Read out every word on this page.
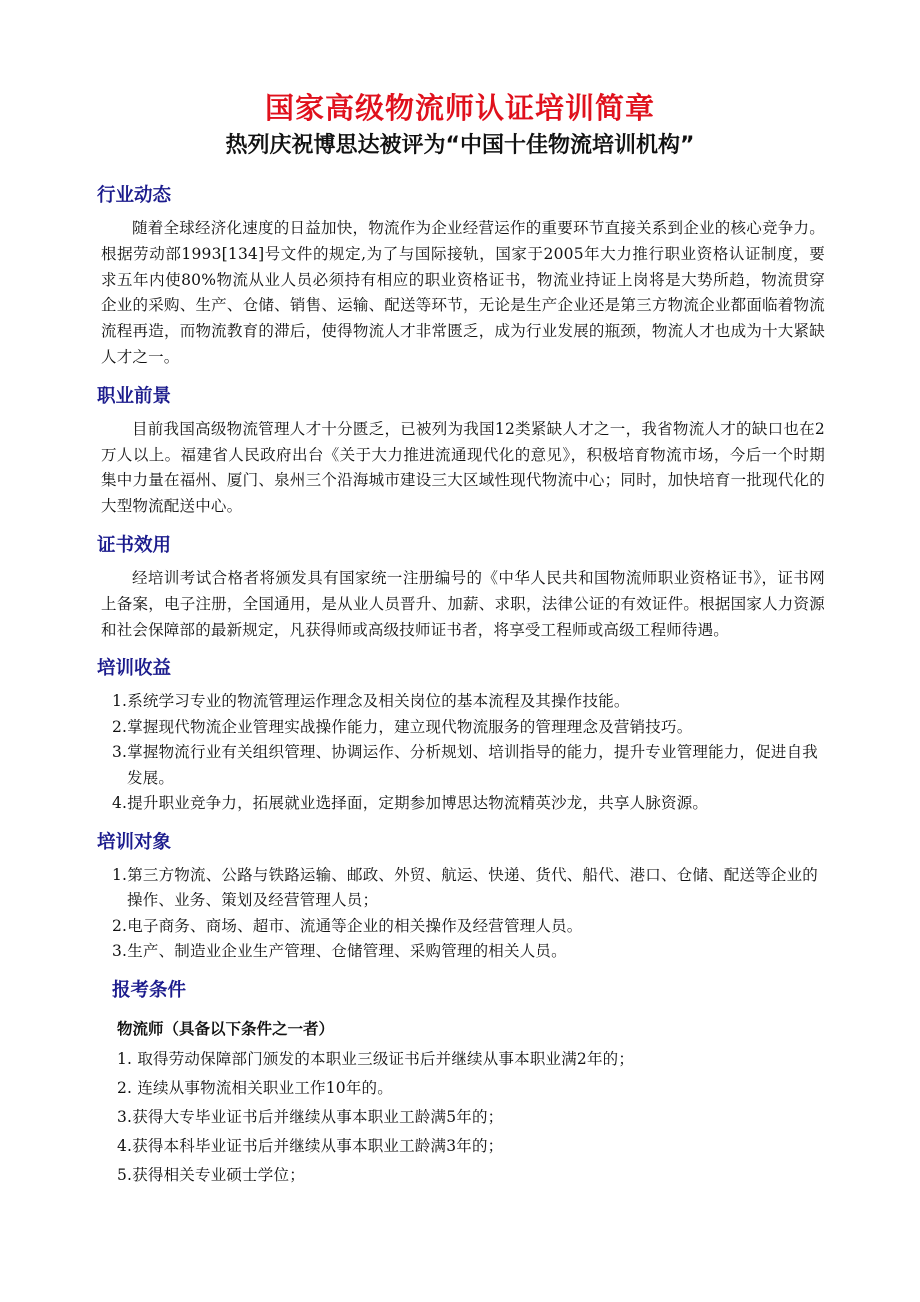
国家高级物流师认证培训简章
热列庆祝博思达被评为“中国十佳物流培训机构”
行业动态

随着全球经济化速度的日益加快，物流作为企业经营运作的重要环节直接关系到企业的核心竞争力。根据劳动部1993[134]号文件的规定,为了与国际接轨，国家于2005年大力推行职业资格认证制度，要求五年内使80%物流从业人员必须持有相应的职业资格证书，物流业持证上岗将是大势所趋，物流贯穿企业的采购、生产、仓储、销售、运输、配送等环节，无论是生产企业还是第三方物流企业都面临着物流流程再造，而物流教育的滞后，使得物流人才非常匮乏，成为行业发展的瓶颈，物流人才也成为十大紧缺人才之一。

职业前景

目前我国高级物流管理人才十分匮乏，已被列为我国12类紧缺人才之一，我省物流人才的缺口也在2万人以上。福建省人民政府出台《关于大力推进流通现代化的意见》，积极培育物流市场，今后一个时期集中力量在福州、厦门、泉州三个沿海城市建设三大区域性现代物流中心；同时，加快培育一批现代化的大型物流配送中心。

证书效用

经培训考试合格者将颁发具有国家统一注册编号的《中华人民共和国物流师职业资格证书》，证书网上备案，电子注册，全国通用，是从业人员晋升、加薪、求职，法律公证的有效证件。根据国家人力资源和社会保障部的最新规定，凡获得师或高级技师证书者，将享受工程师或高级工程师待遇。

培训收益
1.系统学习专业的物流管理运作理念及相关岗位的基本流程及其操作技能。
2.掌握现代物流企业管理实战操作能力，建立现代物流服务的管理理念及营销技巧。
3.掌握物流行业有关组织管理、协调运作、分析规划、培训指导的能力，提升专业管理能力，促进自我发展。
4.提升职业竞争力，拓展就业选择面，定期参加博思达物流精英沙龙，共享人脉资源。
培训对象
1.第三方物流、公路与铁路运输、邮政、外贸、航运、快递、货代、船代、港口、仓储、配送等企业的操作、业务、策划及经营管理人员；
2.电子商务、商场、超市、流通等企业的相关操作及经营管理人员。
3.生产、制造业企业生产管理、仓储管理、采购管理的相关人员。
报考条件
物流师（具备以下条件之一者）
1. 取得劳动保障部门颁发的本职业三级证书后并继续从事本职业满2年的；
2. 连续从事物流相关职业工作10年的。
3.获得大专毕业证书后并继续从事本职业工龄满5年的；
4.获得本科毕业证书后并继续从事本职业工龄满3年的；
5.获得相关专业硕士学位；
